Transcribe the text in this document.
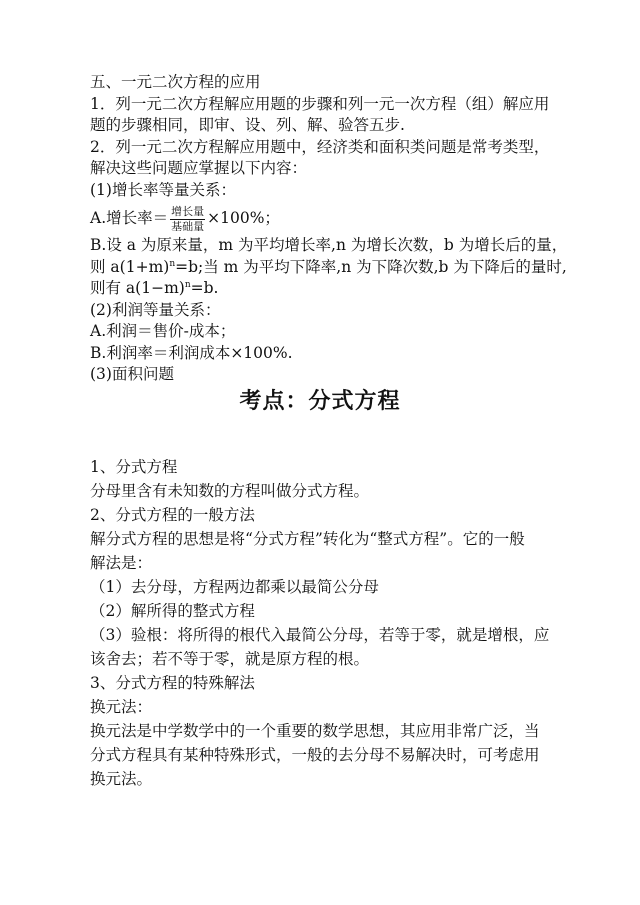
五、一元二次方程的应用
1．列一元二次方程解应用题的步骤和列一元一次方程（组）解应用
题的步骤相同，即审、设、列、解、验答五步.
2．列一元二次方程解应用题中，经济类和面积类问题是常考类型，
解决这些问题应掌握以下内容：
(1)增长率等量关系：
A.增长率＝ $\frac{\text{增长量}}{\text{基础量}} \times 100\%$；
B.设 a 为原来量，m 为平均增长率,n 为增长次数，b 为增长后的量，
则 $a(1+m)^n=b$;当 m 为平均下降率,n 为下降次数,b 为下降后的量时,
则有 $a(1-m)^n=b$.
(2)利润等量关系：
A.利润＝售价-成本；
B.利润率＝利润成本×100%.
(3)面积问题
考点：分式方程
1、分式方程
分母里含有未知数的方程叫做分式方程。
2、分式方程的一般方法
解分式方程的思想是将“分式方程”转化为“整式方程”。它的一般
解法是：
（1）去分母，方程两边都乘以最简公分母
（2）解所得的整式方程
（3）验根：将所得的根代入最简公分母，若等于零，就是增根，应
该舍去；若不等于零，就是原方程的根。
3、分式方程的特殊解法
换元法：
换元法是中学数学中的一个重要的数学思想，其应用非常广泛，当
分式方程具有某种特殊形式，一般的去分母不易解决时，可考虑用
换元法。
